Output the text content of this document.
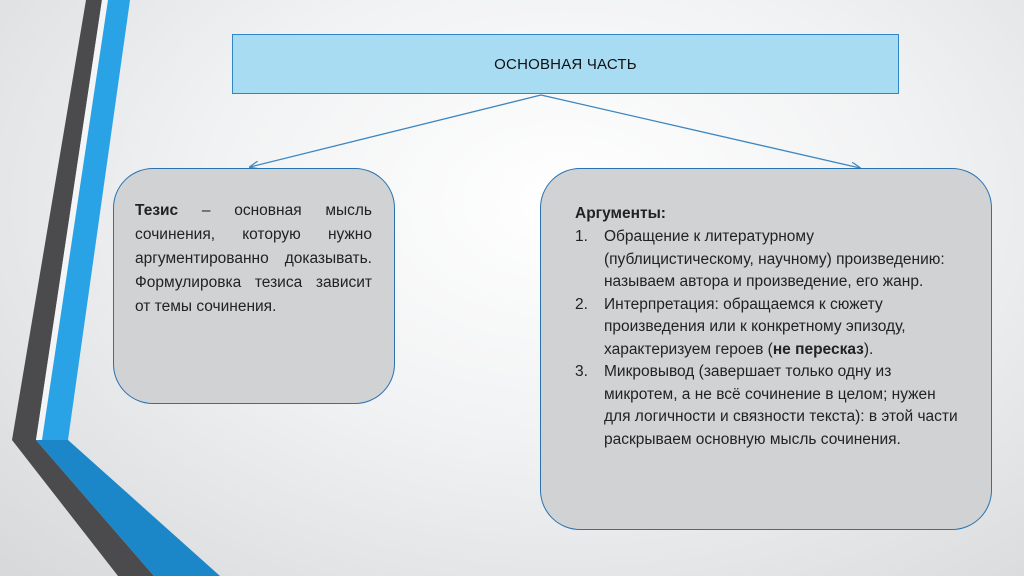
ОСНОВНАЯ ЧАСТЬ
Тезис – основная мысль сочинения, которую нужно аргументированно доказывать. Формулировка тезиса зависит от темы сочинения.
Аргументы:
1. Обращение к литературному (публицистическому, научному) произведению: называем автора и произведение, его жанр.
2. Интерпретация: обращаемся к сюжету произведения или к конкретному эпизоду, характеризуем героев (не пересказ).
3. Микровывод (завершает только одну из микротем, а не всё сочинение в целом; нужен для логичности и связности текста): в этой части раскрываем основную мысль сочинения.
